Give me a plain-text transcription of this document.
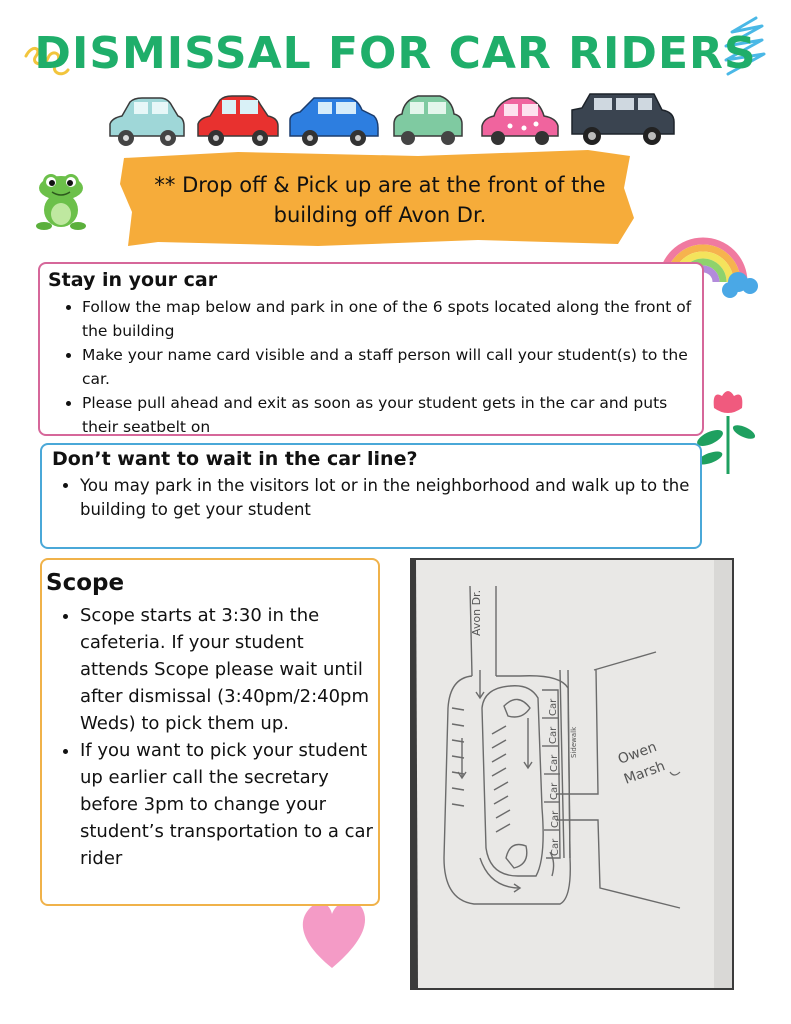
DISMISSAL FOR CAR RIDERS
** Drop off & Pick up are at the front of the building off Avon Dr.
Stay in your car
• Follow the map below and park in one of the 6 spots located along the front of the building
• Make your name card visible and a staff person will call your student(s) to the car.
• Please pull ahead and exit as soon as your student gets in the car and puts their seatbelt on
Don’t want to wait in the car line?
• You may park in the visitors lot or in the neighborhood and walk up to the building to get your student
Scope
• Scope starts at 3:30 in the cafeteria. If your student attends Scope please wait until after dismissal (3:40pm/2:40pm Weds) to pick them up.
• If you want to pick your student up earlier call the secretary before 3pm to change your student’s transportation to a car rider
Avon Dr.
Car
Car
Car
Car
Car
Car
Sidewalk	Owen
Marsh
